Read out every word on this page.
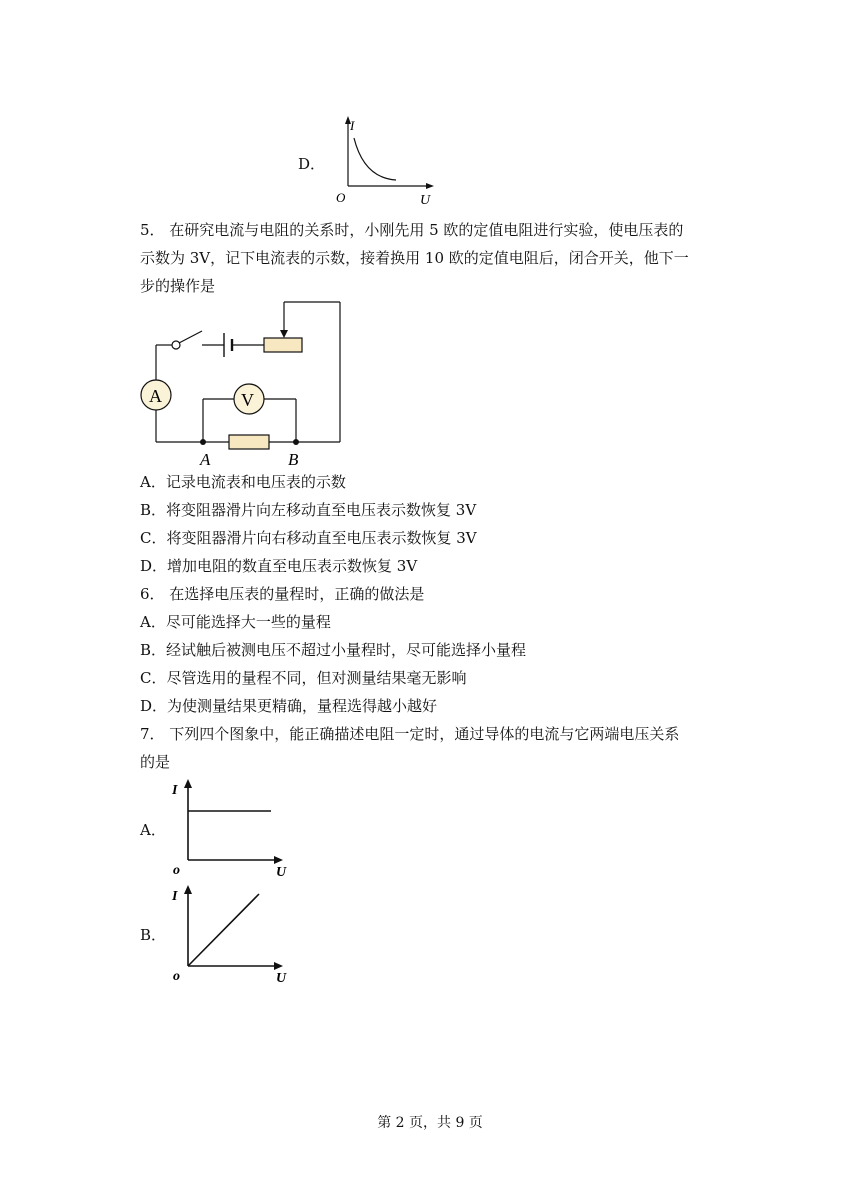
D．
I
U
O
5． 在研究电流与电阻的关系时，小刚先用 5 欧的定值电阻进行实验，使电压表的
示数为 3V，记下电流表的示数，接着换用 10 欧的定值电阻后，闭合开关，他下一
步的操作是
A	V
A	B
A．记录电流表和电压表的示数
B．将变阻器滑片向左移动直至电压表示数恢复 3V
C．将变阻器滑片向右移动直至电压表示数恢复 3V
D．增加电阻的数直至电压表示数恢复 3V
6． 在选择电压表的量程时，正确的做法是
A．尽可能选择大一些的量程
B．经试触后被测电压不超过小量程时，尽可能选择小量程
C．尽管选用的量程不同，但对测量结果毫无影响
D．为使测量结果更精确，量程选得越小越好
7． 下列四个图象中，能正确描述电阻一定时，通过导体的电流与它两端电压关系
的是
A．
I
U
o
B．
I
U
o
第 2 页，共 9 页
